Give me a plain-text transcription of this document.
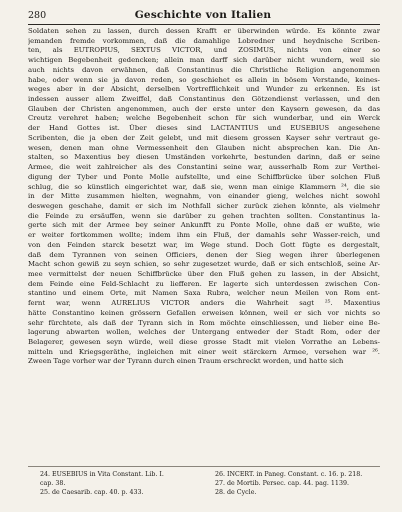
280	Geschichte von Italien
Soldaten sehen zu lassen, durch dessen Krafft er überwinden würde. Es könnte zwar
jemanden fremde vorkommen, daß die damahlige Lobredner und heydnische Scriben-
ten, als EUTROPIUS, SEXTUS VICTOR, und ZOSIMUS, nichts von einer so
wichtigen Begebenheit gedencken; allein man darff sich darüber nicht wundern, weil sie
auch nichts davon erwähnen, daß Constantinus die Christliche Religion angenommen
habe, oder wenn sie ja davon reden, so geschiehet es allein in bösem Verstande, keines-
weges aber in der Absicht, derselben Vortrefflichkeit und Wunder zu erkennen. Es ist
indessen ausser allem Zweiffel, daß Constantinus den Götzendienst verlassen, und den
Glauben der Christen angenommen, auch der erste unter den Kaysern gewesen, da das
Creutz verehret haben; welche Begebenheit schon für sich wunderbar, und ein Werck
der Hand Gottes ist. Über dieses sind LACTANTIUS und EUSEBIUS angesehene
Scribenten, die ja eben der Zeit gelebt, und mit diesem grossen Kayser sehr vertraut ge-
wesen, denen man ohne Vermessenheit den Glauben nicht absprechen kan. Die An-
stalten, so Maxentius bey diesen Umständen vorkehrte, bestunden darinn, daß er seine
Armee, die weit zahlreicher als des Constantini seine war, ausserhalb Rom zur Verthei-
digung der Tyber und Ponte Molle aufstellte, und eine Schiffbrücke über solchen Fluß
schlug, die so künstlich eingerichtet war, daß sie, wenn man einige Klammern ²⁴, die sie
in der Mitte zusammen hielten, wegnahm, von einander gieng, welches nicht sowohl
deswegen geschahe, damit er sich im Nothfall sicher zurück ziehen könnte, als vielmehr
die Feinde zu ersäuffen, wenn sie darüber zu gehen trachten sollten. Constantinus la-
gerte sich mit der Armee bey seiner Ankunfft zu Ponte Molle, ohne daß er wußte, wie
er weiter fortkommen wollte; indem ihm ein Fluß, der damahls sehr Wasser-reich, und
von den Feinden starck besetzt war, im Wege stund. Doch Gott fügte es dergestalt,
daß dem Tyrannen von seinen Officiers, denen der Sieg wegen ihrer überlegenen
Macht schon gewiß zu seyn schien, so sehr zugesetzet wurde, daß er sich entschloß, seine Ar-
mee vermittelst der neuen Schiffbrücke über den Fluß gehen zu lassen, in der Absicht,
dem Feinde eine Feld-Schlacht zu liefferen. Er lagerte sich unterdessen zwischen Con-
stantino und einem Orte, mit Namen Saxa Rubra, welcher neun Meilen von Rom ent-
fernt war, wenn AURELIUS VICTOR anders die Wahrheit sagt ²⁵. Maxentius
hätte Constantino keinen grössern Gefallen erweisen können, weil er sich vor nichts so
sehr fürchtete, als daß der Tyrann sich in Rom möchte einschliessen, und lieber eine Be-
lagerung abwarten wollen, welches der Untergang entweder der Stadt Rom, oder der
Belagerer, gewesen seyn würde, weil diese grosse Stadt mit vielen Vorrathe an Lebens-
mitteln und Kriegsgeräthe, ingleichen mit einer weit stärckern Armee, versehen war ²⁶.
Zween Tage vorher war der Tyrann durch einen Traum erschreckt worden, und hatte sich
24. EUSEBIUS in Vita Constant. Lib. I.
cap. 38.
25. de Caesarib. cap. 40. p. 433.
26. INCERT. in Paneg. Constant. c. 16. p. 218.
27. de Mortib. Persec. cap. 44. pag. 1139.
28. de Cycle.
